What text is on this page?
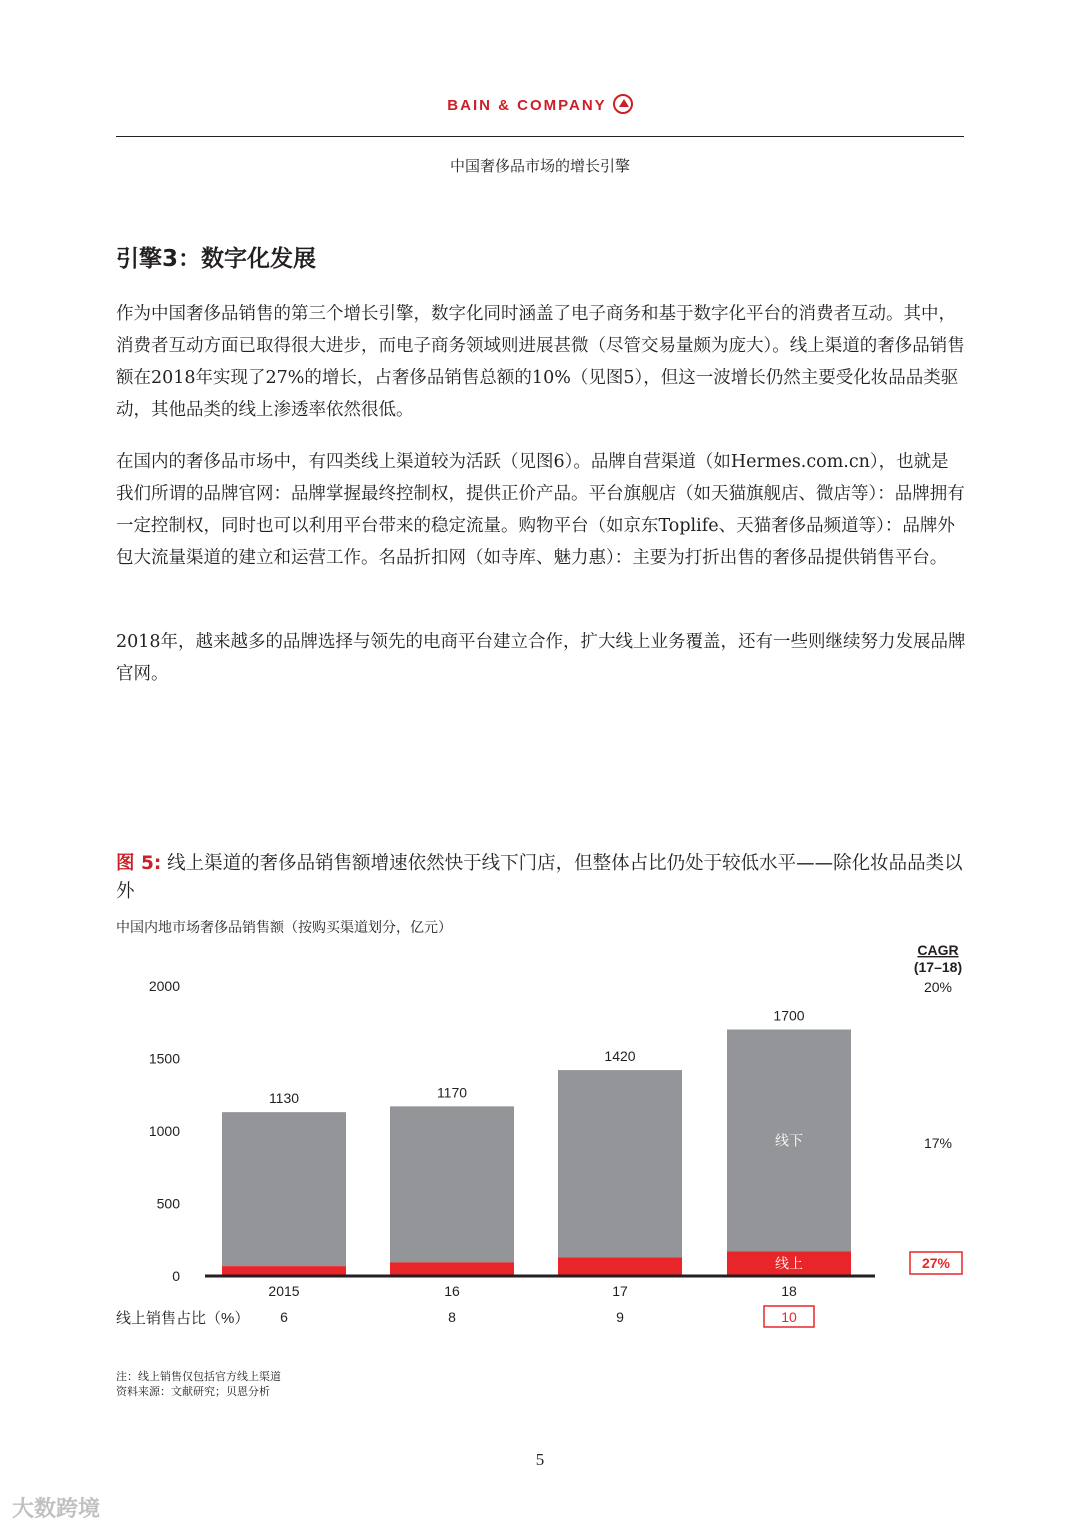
BAIN & COMPANY
中国奢侈品市场的增长引擎
引擎3：数字化发展

作为中国奢侈品销售的第三个增长引擎，数字化同时涵盖了电子商务和基于数字化平台的消费者互动。其中，消费者互动方面已取得很大进步，而电子商务领域则进展甚微（尽管交易量颇为庞大）。线上渠道的奢侈品销售额在2018年实现了27%的增长，占奢侈品销售总额的10%（见图5），但这一波增长仍然主要受化妆品品类驱动，其他品类的线上渗透率依然很低。

在国内的奢侈品市场中，有四类线上渠道较为活跃（见图6）。品牌自营渠道（如Hermes.com.cn），也就是我们所谓的品牌官网：品牌掌握最终控制权，提供正价产品。平台旗舰店（如天猫旗舰店、微店等）：品牌拥有一定控制权，同时也可以利用平台带来的稳定流量。购物平台（如京东Toplife、天猫奢侈品频道等）：品牌外包大流量渠道的建立和运营工作。名品折扣网（如寺库、魅力惠）：主要为打折出售的奢侈品提供销售平台。

2018年，越来越多的品牌选择与领先的电商平台建立合作，扩大线上业务覆盖，还有一些则继续努力发展品牌官网。

图 5: 线上渠道的奢侈品销售额增速依然快于线下门店，但整体占比仍处于较低水平——除化妆品品类以外

中国内地市场奢侈品销售额（按购买渠道划分，亿元）

CAGR
(17–18)
线上销售占比（%）
0
500
1000
1500
2000
1130
2015
6
1170
16
8
1420
17
9
1700
18
10
线下
线上
20%
17%
27%

注：线上销售仅包括官方线上渠道

资料来源：文献研究；贝恩分析

5
大数跨境
